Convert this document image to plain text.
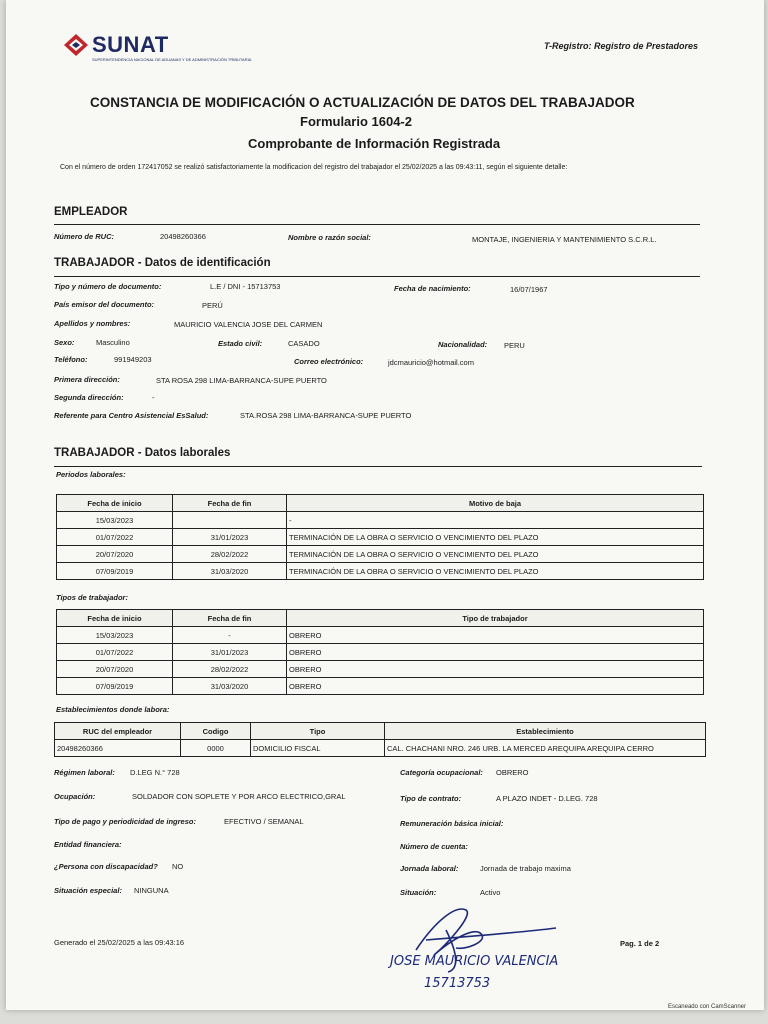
SUNAT
SUPERINTENDENCIA NACIONAL DE ADUANAS Y DE ADMINISTRACIÓN TRIBUTARIA
T-Registro: Registro de Prestadores
CONSTANCIA DE MODIFICACIÓN O ACTUALIZACIÓN DE DATOS DEL TRABAJADOR
Formulario 1604-2
Comprobante de Información Registrada
Con el número de orden 172417052 se realizó satisfactoriamente la modificacion del registro del trabajador el 25/02/2025 a las 09:43:11, según el siguiente detalle:
EMPLEADOR
Número de RUC:	20498260366	Nombre o razón social:	MONTAJE, INGENIERIA Y MANTENIMIENTO S.C.R.L.
TRABAJADOR - Datos de identificación
Tipo y número de documento:	L.E / DNI - 15713753	Fecha de nacimiento:	16/07/1967
País emisor del documento:	PERÚ
Apellidos y nombres:	MAURICIO VALENCIA JOSE DEL CARMEN
Sexo:	Masculino	Estado civil:	CASADO	Nacionalidad: PERU
Teléfono:	991949203	Correo electrónico:	jdcmauricio@hotmail.com
Primera dirección:	STA ROSA 298 LIMA-BARRANCA-SUPE PUERTO
Segunda dirección:	-
Referente para Centro Asistencial EsSalud:	STA.ROSA 298 LIMA-BARRANCA-SUPE PUERTO
TRABAJADOR - Datos laborales
Periodos laborales:
Fecha de inicio	Fecha de fin	Motivo de baja
15/03/2023		-
01/07/2022	31/01/2023	TERMINACIÓN DE LA OBRA O SERVICIO O VENCIMIENTO DEL PLAZO
20/07/2020	28/02/2022	TERMINACIÓN DE LA OBRA O SERVICIO O VENCIMIENTO DEL PLAZO
07/09/2019	31/03/2020	TERMINACIÓN DE LA OBRA O SERVICIO O VENCIMIENTO DEL PLAZO
Tipos de trabajador:
Fecha de inicio	Fecha de fin	Tipo de trabajador
15/03/2023	-	OBRERO
01/07/2022	31/01/2023	OBRERO
20/07/2020	28/02/2022	OBRERO
07/09/2019	31/03/2020	OBRERO
Establecimientos donde labora:
RUC del empleador	Codigo	Tipo	Establecimiento
20498260366	0000	DOMICILIO FISCAL	CAL. CHACHANI NRO. 246 URB. LA MERCED AREQUIPA AREQUIPA CERRO
Régimen laboral: D.LEG N.° 728	Categoría ocupacional: OBRERO
Ocupación:	SOLDADOR CON SOPLETE Y POR ARCO ELECTRICO,GRAL	Tipo de contrato:	A PLAZO INDET - D.LEG. 728
Tipo de pago y periodicidad de ingreso:	EFECTIVO / SEMANAL	Remuneración básica inicial:
Entidad financiera:	Número de cuenta:
¿Persona con discapacidad? NO	Jornada laboral:	Jornada de trabajo maxima
Situación especial: NINGUNA	Situación:	Activo
Generado el 25/02/2025 a las 09:43:16	Pag. 1 de 2
JOSE MAURICIO VALENCIA
15713753
Escaneado con CamScanner
